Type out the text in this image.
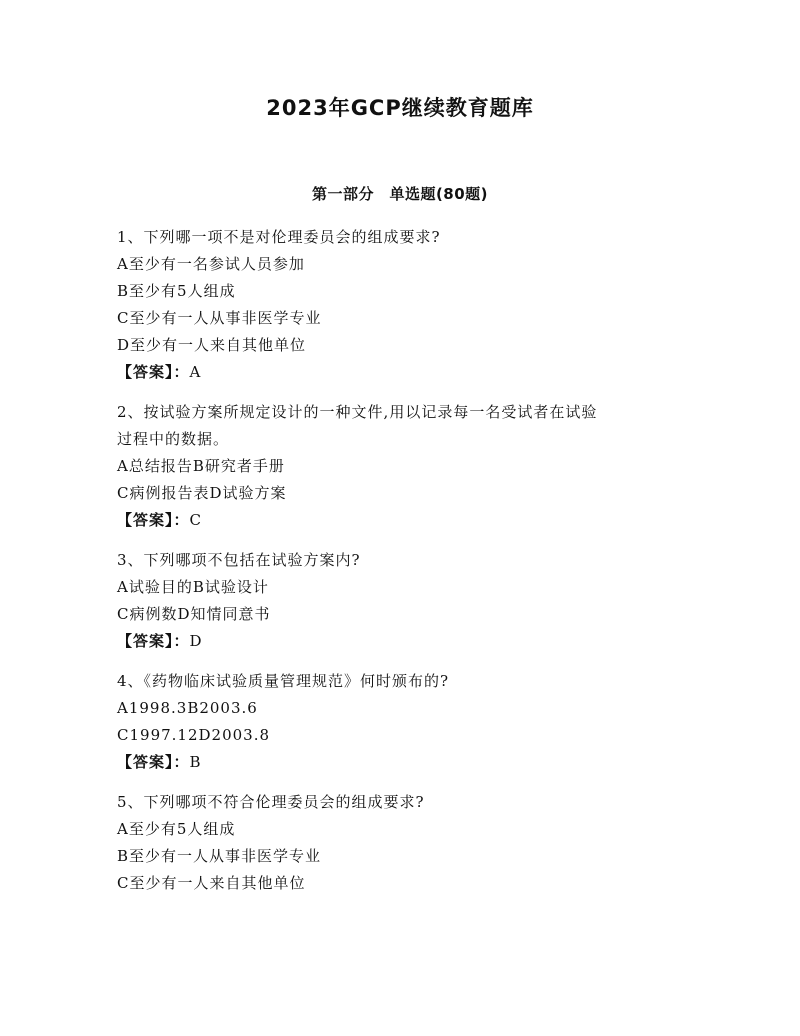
2023年GCP继续教育题库
第一部分　单选题(80题)
1、下列哪一项不是对伦理委员会的组成要求?
A至少有一名参试人员参加
B至少有5人组成
C至少有一人从事非医学专业
D至少有一人来自其他单位
【答案】：A
2、按试验方案所规定设计的一种文件,用以记录每一名受试者在试验
过程中的数据。
A总结报告B研究者手册
C病例报告表D试验方案
【答案】：C
3、下列哪项不包括在试验方案内?
A试验目的B试验设计
C病例数D知情同意书
【答案】：D
4、《药物临床试验质量管理规范》何时颁布的?
A1998.3B2003.6
C1997.12D2003.8
【答案】：B
5、下列哪项不符合伦理委员会的组成要求?
A至少有5人组成
B至少有一人从事非医学专业
C至少有一人来自其他单位
